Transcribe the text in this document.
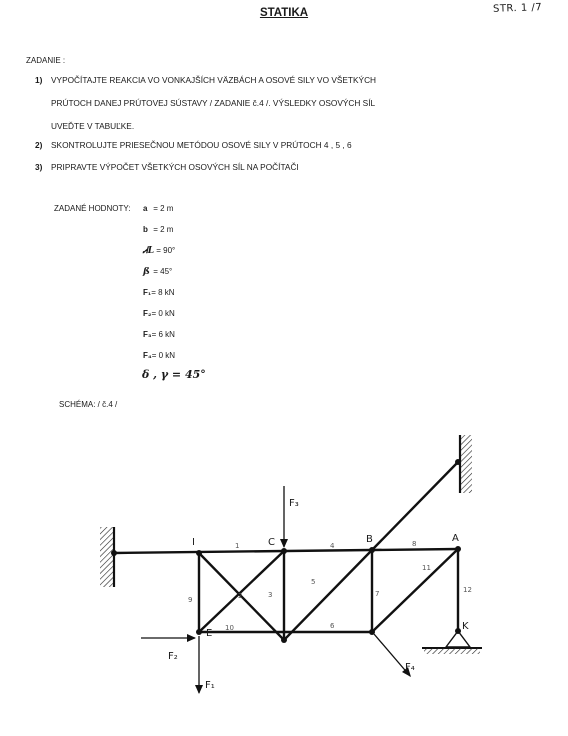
STATIKA	STR. 1 /7
ZADANIE :
1) VYPOČÍTAJTE REAKCIA VO VONKAJŠÍCH VÄZBÁCH A OSOVÉ SILY VO VŠETKÝCH
PRÚTOCH DANEJ PRÚTOVEJ SÚSTAVY / ZADANIE č.4 /. VÝSLEDKY OSOVÝCH SÍL
UVEĎTE V TABUĽKE.
2) SKONTROLUJTE PRIESEČNOU METÓDOU OSOVÉ SILY V PRÚTOCH 4 , 5 , 6
3) PRIPRAVTE VÝPOČET VŠETKÝCH OSOVÝCH SÍL NA POČÍTAČI
ZADANÉ HODNOTY: a = 2 m
b = 2 m
ᏗL = 90°
ß = 45°
F₁= 8 kN
F₂= 0 kN
F₃= 6 kN
F₄= 0 kN
δ , γ = 45°
SCHÉMA: / č.4 /
I	C	B	A
E
K
1
2	3
4
5
6
7
8
9
10
11
12
F₃
F₂
F₁
F₄
